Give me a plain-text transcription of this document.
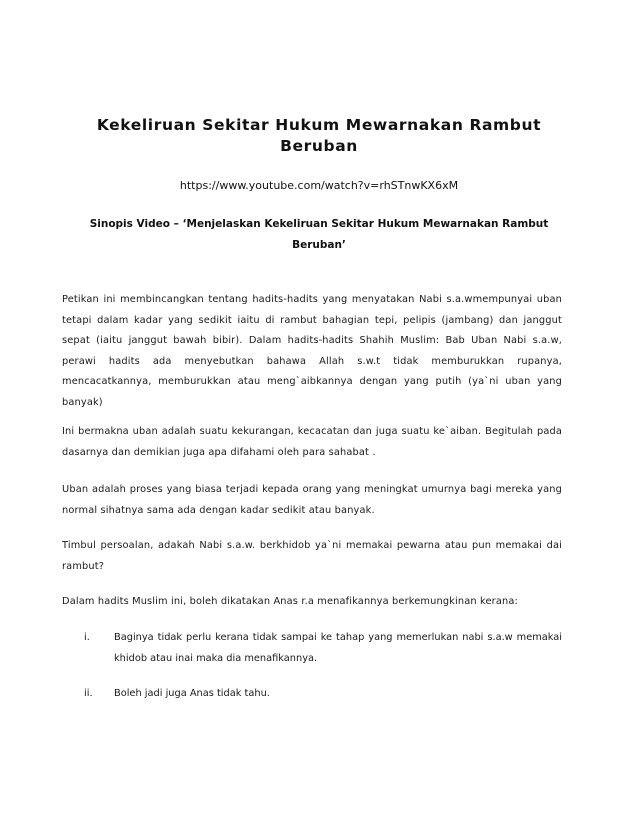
Kekeliruan Sekitar Hukum Mewarnakan Rambut Beruban
https://www.youtube.com/watch?v=rhSTnwKX6xM
Sinopis Video – ‘Menjelaskan Kekeliruan Sekitar Hukum Mewarnakan Rambut Beruban’
Petikan ini membincangkan tentang hadits-hadits yang menyatakan Nabi s.a.wmempunyai uban tetapi dalam kadar yang sedikit iaitu di rambut bahagian tepi, pelipis (jambang) dan janggut sepat (iaitu janggut bawah bibir). Dalam hadits-hadits Shahih Muslim: Bab Uban Nabi s.a.w, perawi hadits ada menyebutkan bahawa Allah s.w.t tidak memburukkan rupanya, mencacatkannya, memburukkan atau meng`aibkannya dengan yang putih (ya`ni uban yang banyak)
Ini bermakna uban adalah suatu kekurangan, kecacatan dan juga suatu ke`aiban. Begitulah pada dasarnya dan demikian juga apa difahami oleh para sahabat .
Uban adalah proses yang biasa terjadi kepada orang yang meningkat umurnya bagi mereka yang normal sihatnya sama ada dengan kadar sedikit atau banyak.
Timbul persoalan, adakah Nabi s.a.w. berkhidob ya`ni memakai pewarna atau pun memakai dai rambut?
Dalam hadits Muslim ini, boleh dikatakan Anas r.a menafikannya berkemungkinan kerana:
i.	Baginya tidak perlu kerana tidak sampai ke tahap yang memerlukan nabi s.a.w memakai khidob atau inai maka dia menafikannya.
ii.	Boleh jadi juga Anas tidak tahu.
